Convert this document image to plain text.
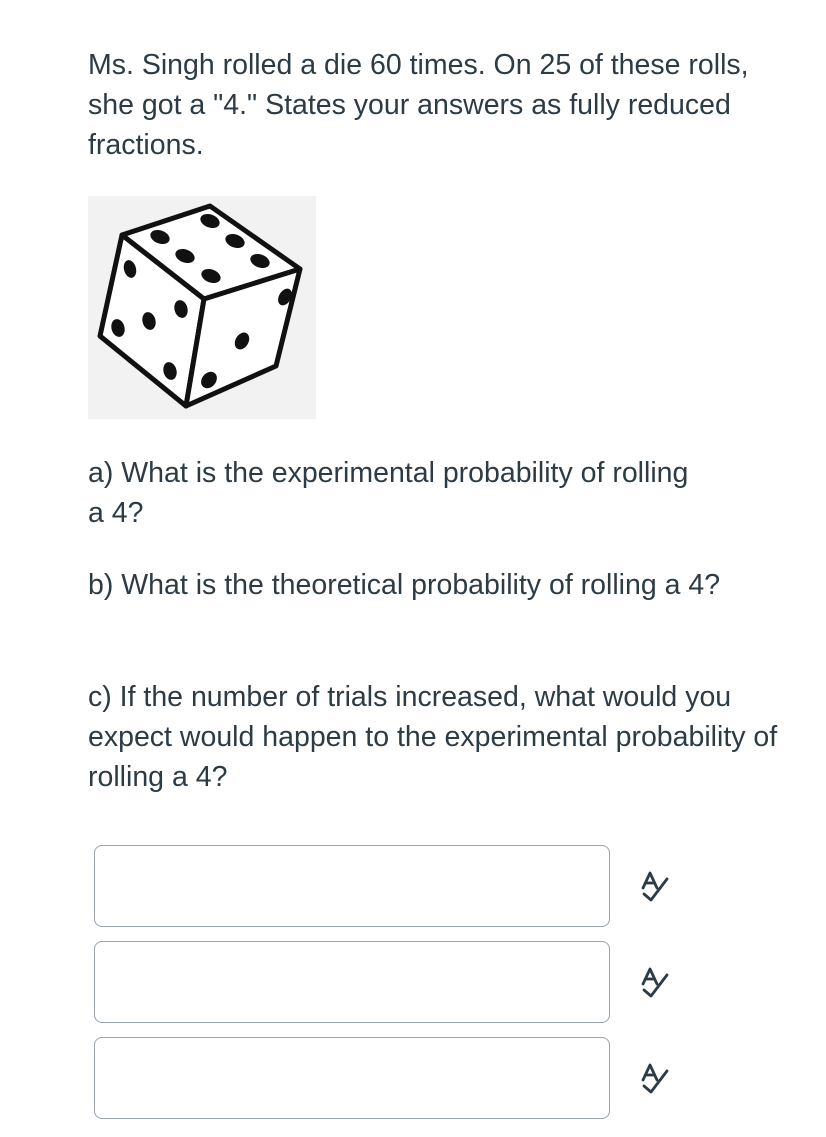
Ms. Singh rolled a die 60 times. On 25 of these rolls, she got a "4." States your answers as fully reduced fractions.

a) What is the experimental probability of rolling a 4?

b) What is the theoretical probability of rolling a 4?

c) If the number of trials increased, what would you expect would happen to the experimental probability of rolling a 4?
